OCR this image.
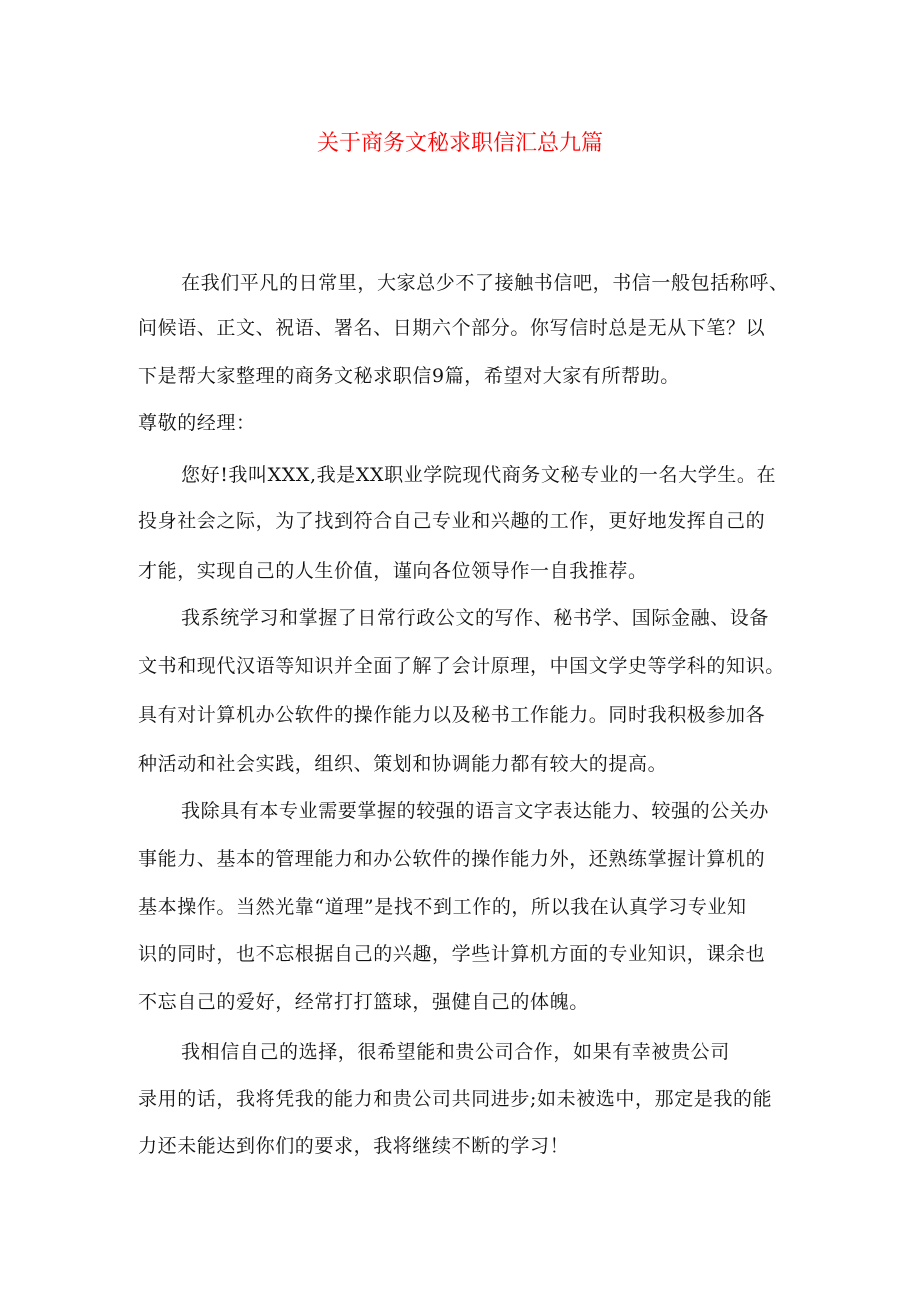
关于商务文秘求职信汇总九篇
在我们平凡的日常里，大家总少不了接触书信吧，书信一般包括称呼、
问候语、正文、祝语、署名、日期六个部分。你写信时总是无从下笔？以
下是帮大家整理的商务文秘求职信9篇，希望对大家有所帮助。
尊敬的经理：
您好!我叫XXX,我是XX职业学院现代商务文秘专业的一名大学生。在
投身社会之际，为了找到符合自己专业和兴趣的工作，更好地发挥自己的
才能，实现自己的人生价值，谨向各位领导作一自我推荐。
我系统学习和掌握了日常行政公文的写作、秘书学、国际金融、设备
文书和现代汉语等知识并全面了解了会计原理，中国文学史等学科的知识。
具有对计算机办公软件的操作能力以及秘书工作能力。同时我积极参加各
种活动和社会实践，组织、策划和协调能力都有较大的提高。
我除具有本专业需要掌握的较强的语言文字表达能力、较强的公关办
事能力、基本的管理能力和办公软件的操作能力外，还熟练掌握计算机的
基本操作。当然光靠“道理”是找不到工作的，所以我在认真学习专业知
识的同时，也不忘根据自己的兴趣，学些计算机方面的专业知识，课余也
不忘自己的爱好，经常打打篮球，强健自己的体魄。
我相信自己的选择，很希望能和贵公司合作，如果有幸被贵公司
录用的话，我将凭我的能力和贵公司共同进步;如未被选中，那定是我的能
力还未能达到你们的要求，我将继续不断的学习！
